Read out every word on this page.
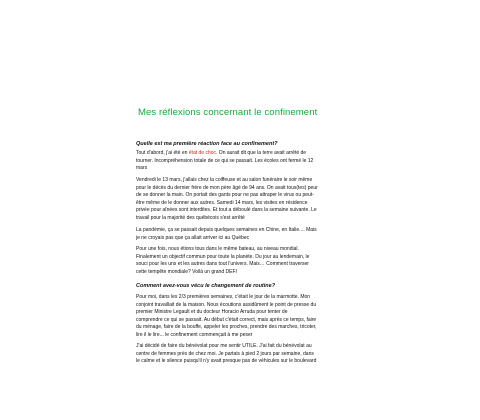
Mes réflexions concernant le confinement
Quelle est ma première réaction face au confinement?
Tout d'abord, j'ai été en état de choc. On aurait dit que la terre avait arrêté de
tourner. Incompréhension totale de ce qui se passait. Les écoles ont fermé le 12
mars
Vendredi le 13 mars, j'allais chez la coiffeuse et au salon funéraire le soir même
pour le décès du dernier frère de mon père âgé de 94 ans. On avait tous(tes) peur
de se donner la main. On portait des gants pour ne pas attraper le virus ou peut-
être même de le donner aux autres. Samedi 14 mars, les visites en résidence
privée pour aînées sont interdites. Et tout a déboulé dans la semaine suivante. Le
travail pour la majorité des québécois s'est arrêté
La pandémie, ça se passait depuis quelques semaines en Chine, en Italie.... Mais
je ne croyais pas que ça allait arriver ici au Québec
Pour une fois, nous étions tous dans le même bateau, au niveau mondial.
Finalement un objectif commun pour toute la planète. Du jour au lendemain, le
souci pour les uns et les autres dans tout l'univers. Mais… Comment traverser
cette tempête mondiale? Voilà un grand DÉFI
Comment avez-vous vécu le changement de routine?
Pour moi, dans les 2/3 premières semaines, c'était le jour de la marmotte. Mon
conjoint travaillait de la maison. Nous écoutions assidûment le point de presse du
premier Ministre Legault et du docteur Horacio Arruda pour tenter de
comprendre ce qui se passait. Au début c'était correct, mais après ce temps, faire
du ménage, faire de la bouffe, appeler les proches, prendre des marches, tricoter,
lire il le lire... le confinement commençait à me peser
J'ai décidé de faire du bénévolat pour me sentir UTILE. J'ai fait du bénévolat au
centre de femmes près de chez moi. Je partais à pied 2 jours par semaine, dans
le calme et le silence puisqu'il n'y avait presque pas de véhicules sur le boulevard
